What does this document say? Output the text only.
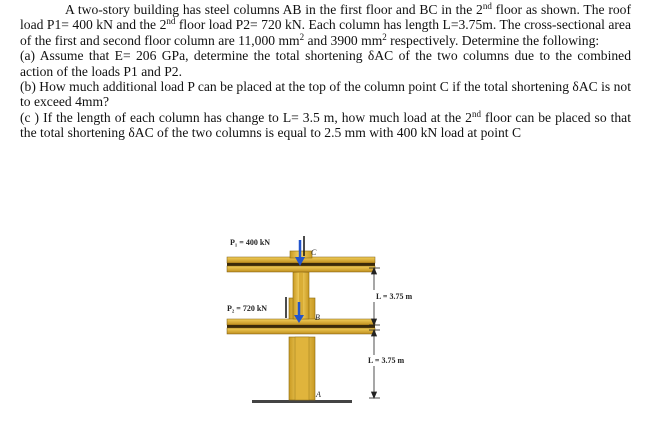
A two-story building has steel columns AB in the first floor and BC in the 2nd floor as shown. The roof load P1= 400 kN and the 2nd floor load P2= 720 kN. Each column has length L=3.75m. The cross-sectional area of the first and second floor column are 11,000 $mm^2$ and 3900 $mm^2$ respectively. Determine the following:

(a) Assume that E= 206 GPa, determine the total shortening δAC of the two columns due to the combined action of the loads P1 and P2.

(b) How much additional load P can be placed at the top of the column point C if the total shortening δAC is not to exceed 4mm?

(c ) If the length of each column has change to L= 3.5 m, how much load at the 2nd floor can be placed so that the total shortening δAC of the two columns is equal to 2.5 mm with 400 kN load at point C

P₁ = 400 kN
P₂ = 720 kN
C
B
A
L = 3.75 m
L = 3.75 m
